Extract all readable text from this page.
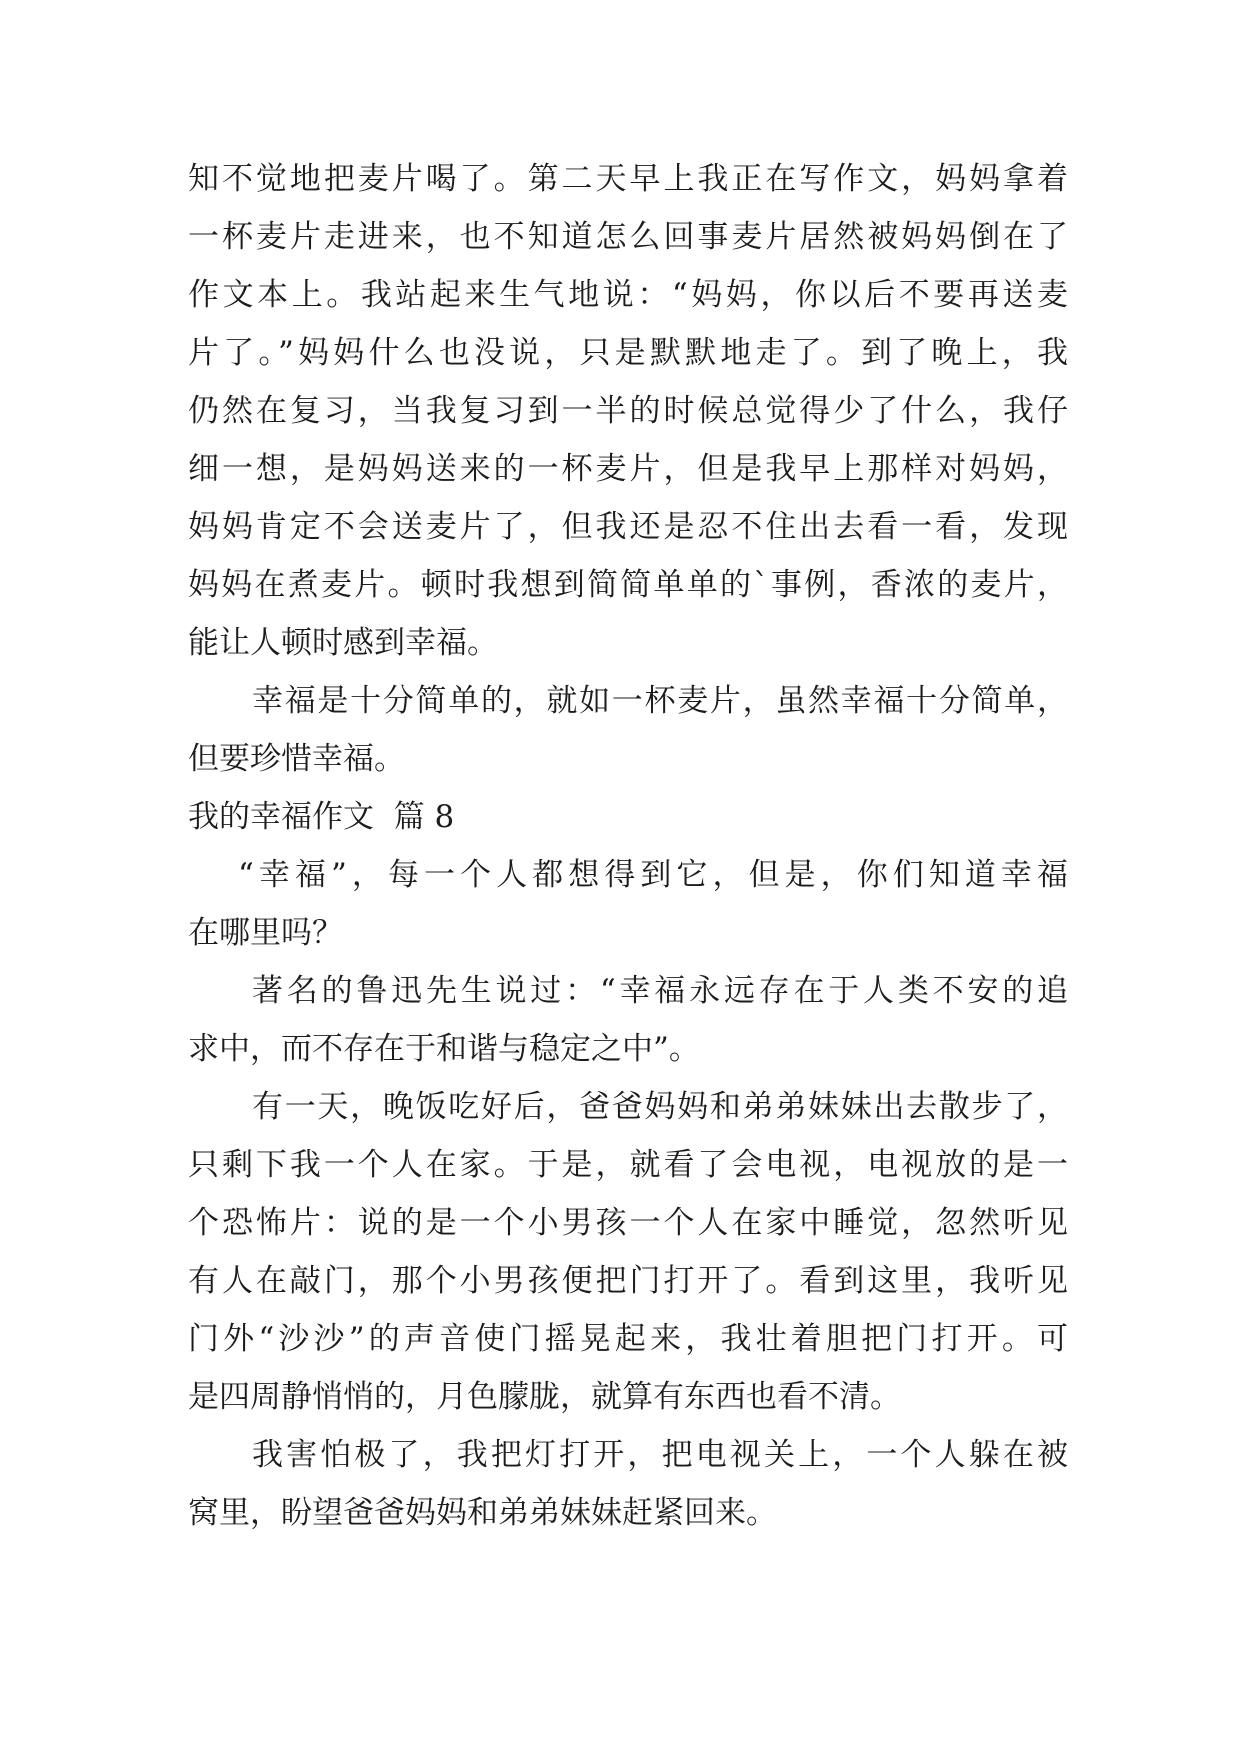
知不觉地把麦片喝了。第二天早上我正在写作文，妈妈拿着
一杯麦片走进来，也不知道怎么回事麦片居然被妈妈倒在了
作文本上。我站起来生气地说：“妈妈，你以后不要再送麦
片了。”妈妈什么也没说，只是默默地走了。到了晚上，我
仍然在复习，当我复习到一半的时候总觉得少了什么，我仔
细一想，是妈妈送来的一杯麦片，但是我早上那样对妈妈，
妈妈肯定不会送麦片了，但我还是忍不住出去看一看，发现
妈妈在煮麦片。顿时我想到简简单单的`事例，香浓的麦片，
能让人顿时感到幸福。
幸福是十分简单的，就如一杯麦片，虽然幸福十分简单，
但要珍惜幸福。
我的幸福作文  篇 8
“幸福”，每一个人都想得到它，但是，你们知道幸福
在哪里吗？
著名的鲁迅先生说过：“幸福永远存在于人类不安的追
求中，而不存在于和谐与稳定之中”。
有一天，晚饭吃好后，爸爸妈妈和弟弟妹妹出去散步了，
只剩下我一个人在家。于是，就看了会电视，电视放的是一
个恐怖片：说的是一个小男孩一个人在家中睡觉，忽然听见
有人在敲门，那个小男孩便把门打开了。看到这里，我听见
门外“沙沙”的声音使门摇晃起来，我壮着胆把门打开。可
是四周静悄悄的，月色朦胧，就算有东西也看不清。
我害怕极了，我把灯打开，把电视关上，一个人躲在被
窝里，盼望爸爸妈妈和弟弟妹妹赶紧回来。
